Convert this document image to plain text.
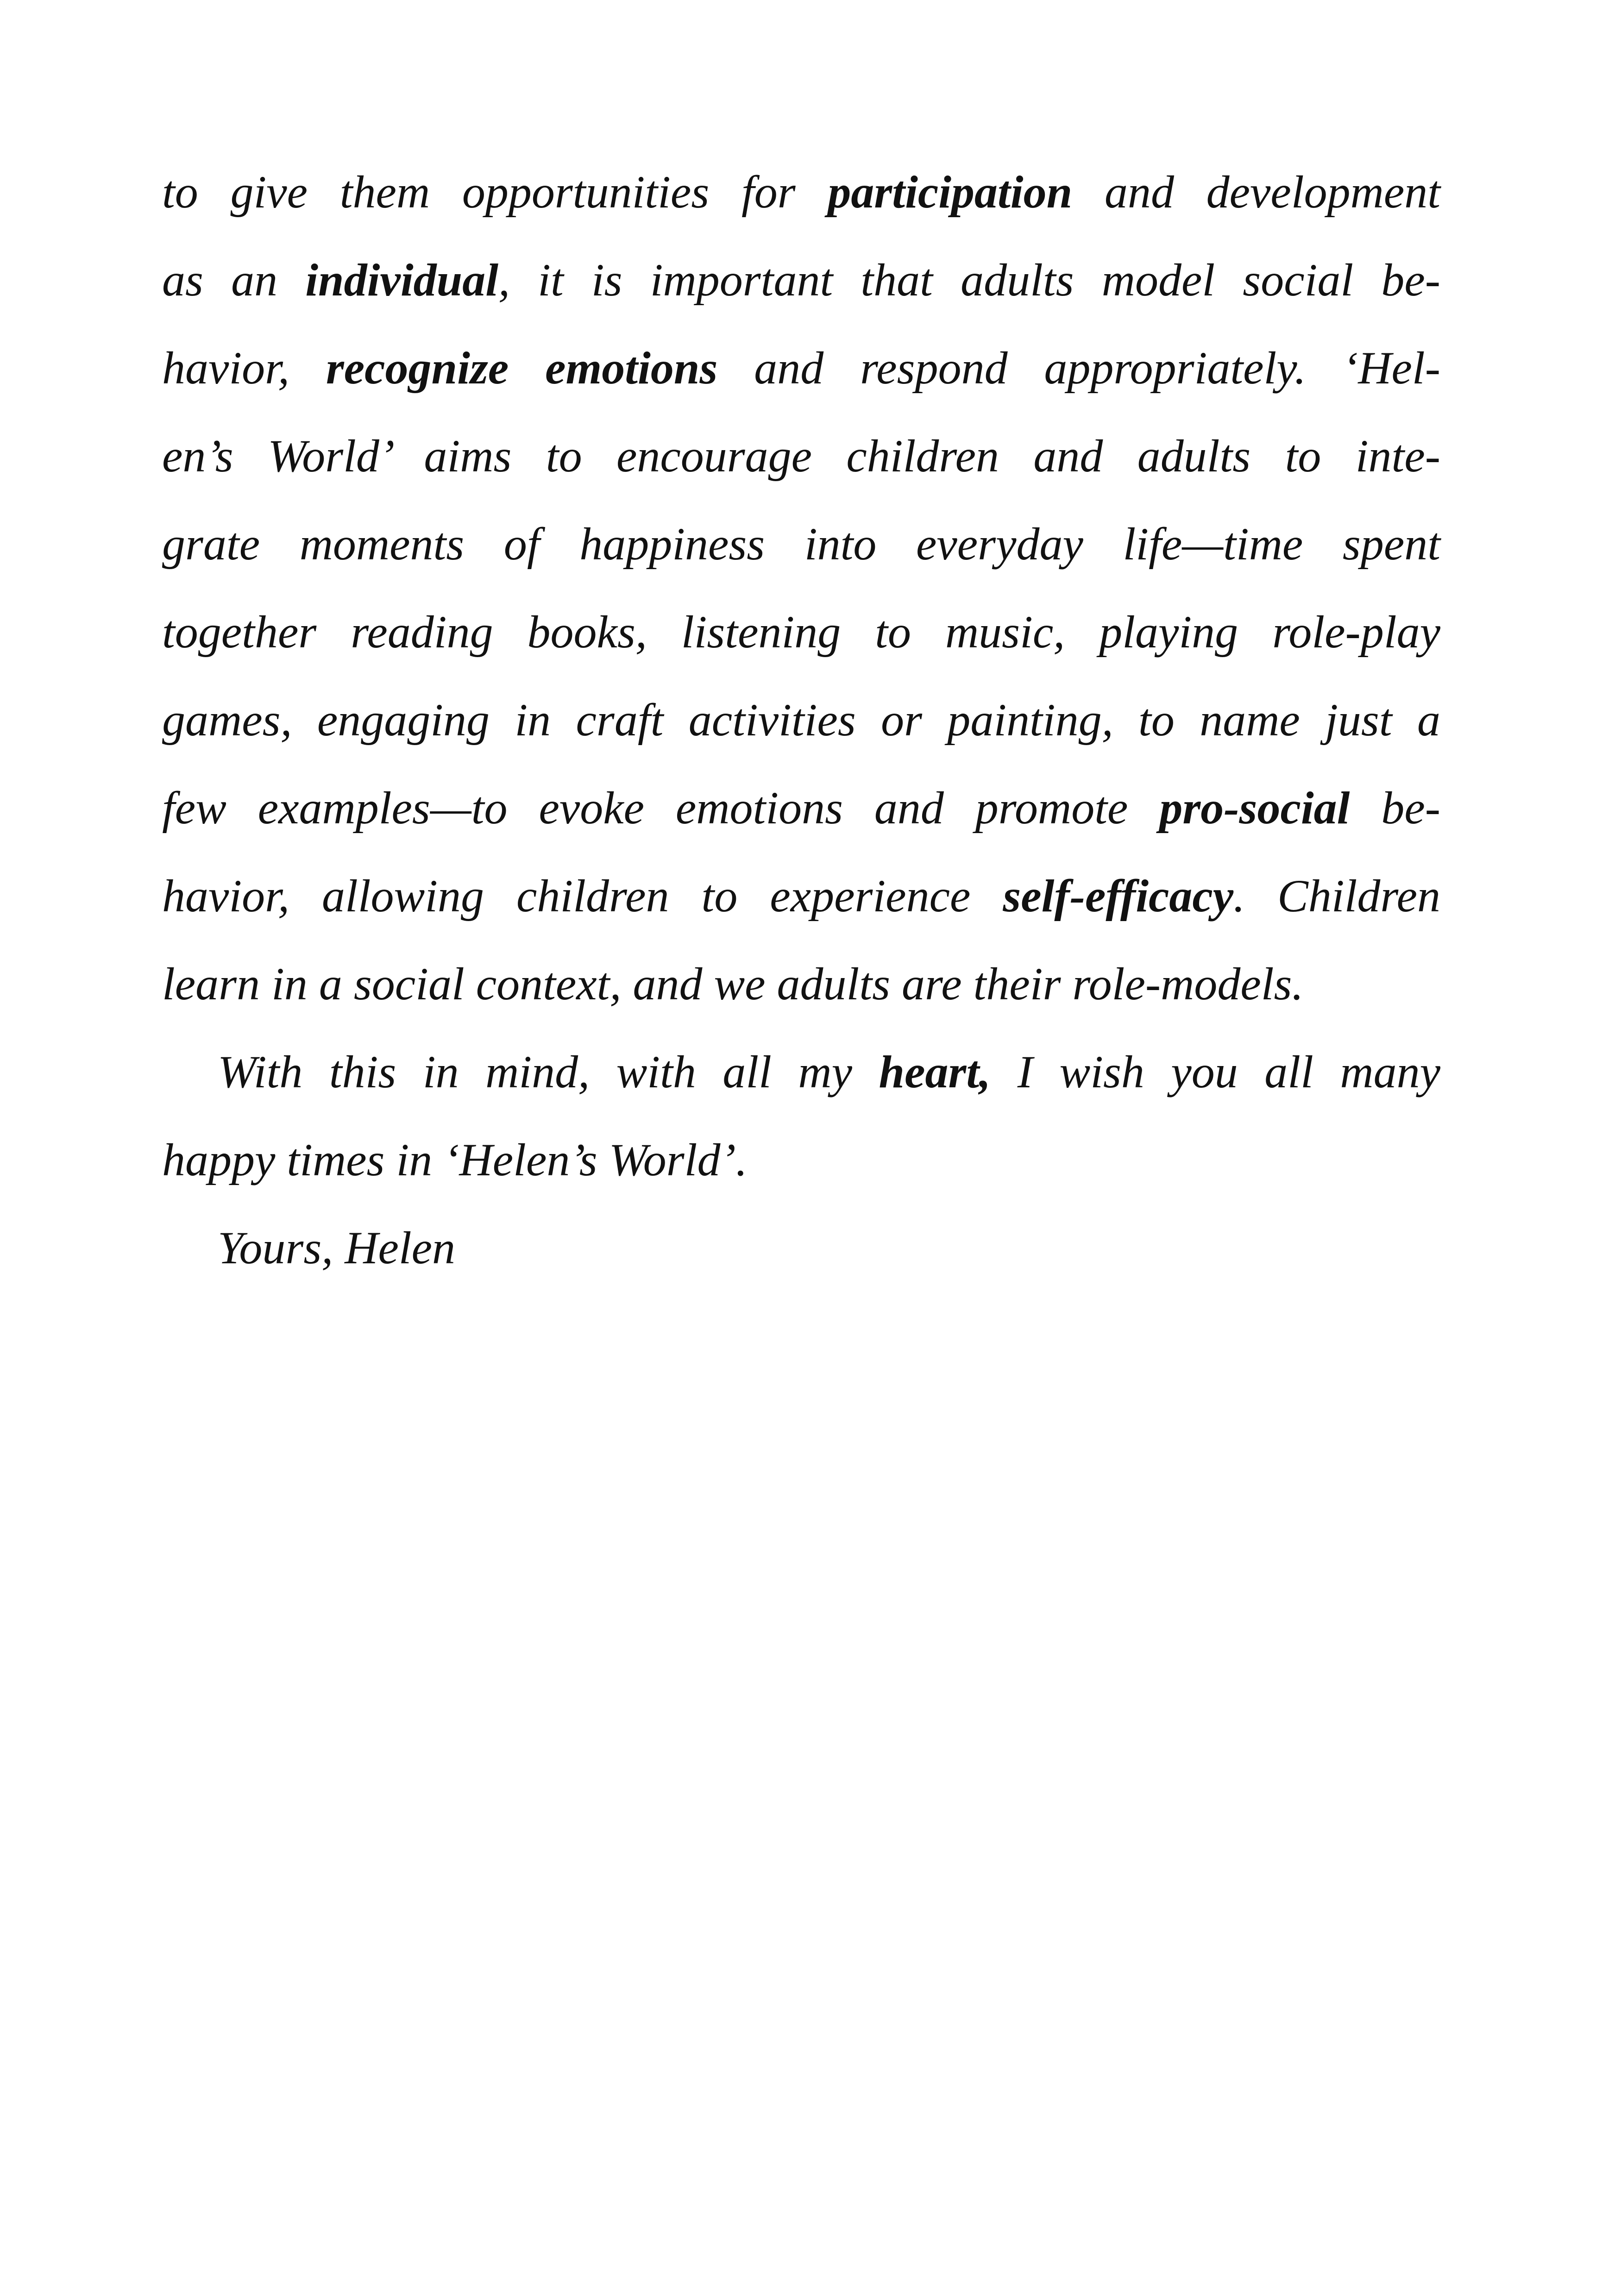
to give them opportunities for participation and development
as an individual, it is important that adults model social be-
havior, recognize emotions and respond appropriately. ‘Hel-
en’s World’ aims to encourage children and adults to inte-
grate moments of happiness into everyday life—time spent
together reading books, listening to music, playing role-play
games, engaging in craft activities or painting, to name just a
few examples—to evoke emotions and promote pro-social be-
havior, allowing children to experience self-efficacy. Children
learn in a social context, and we adults are their role-models.
With this in mind, with all my heart, I wish you all many
happy times in ‘Helen’s World’.
Yours, Helen
